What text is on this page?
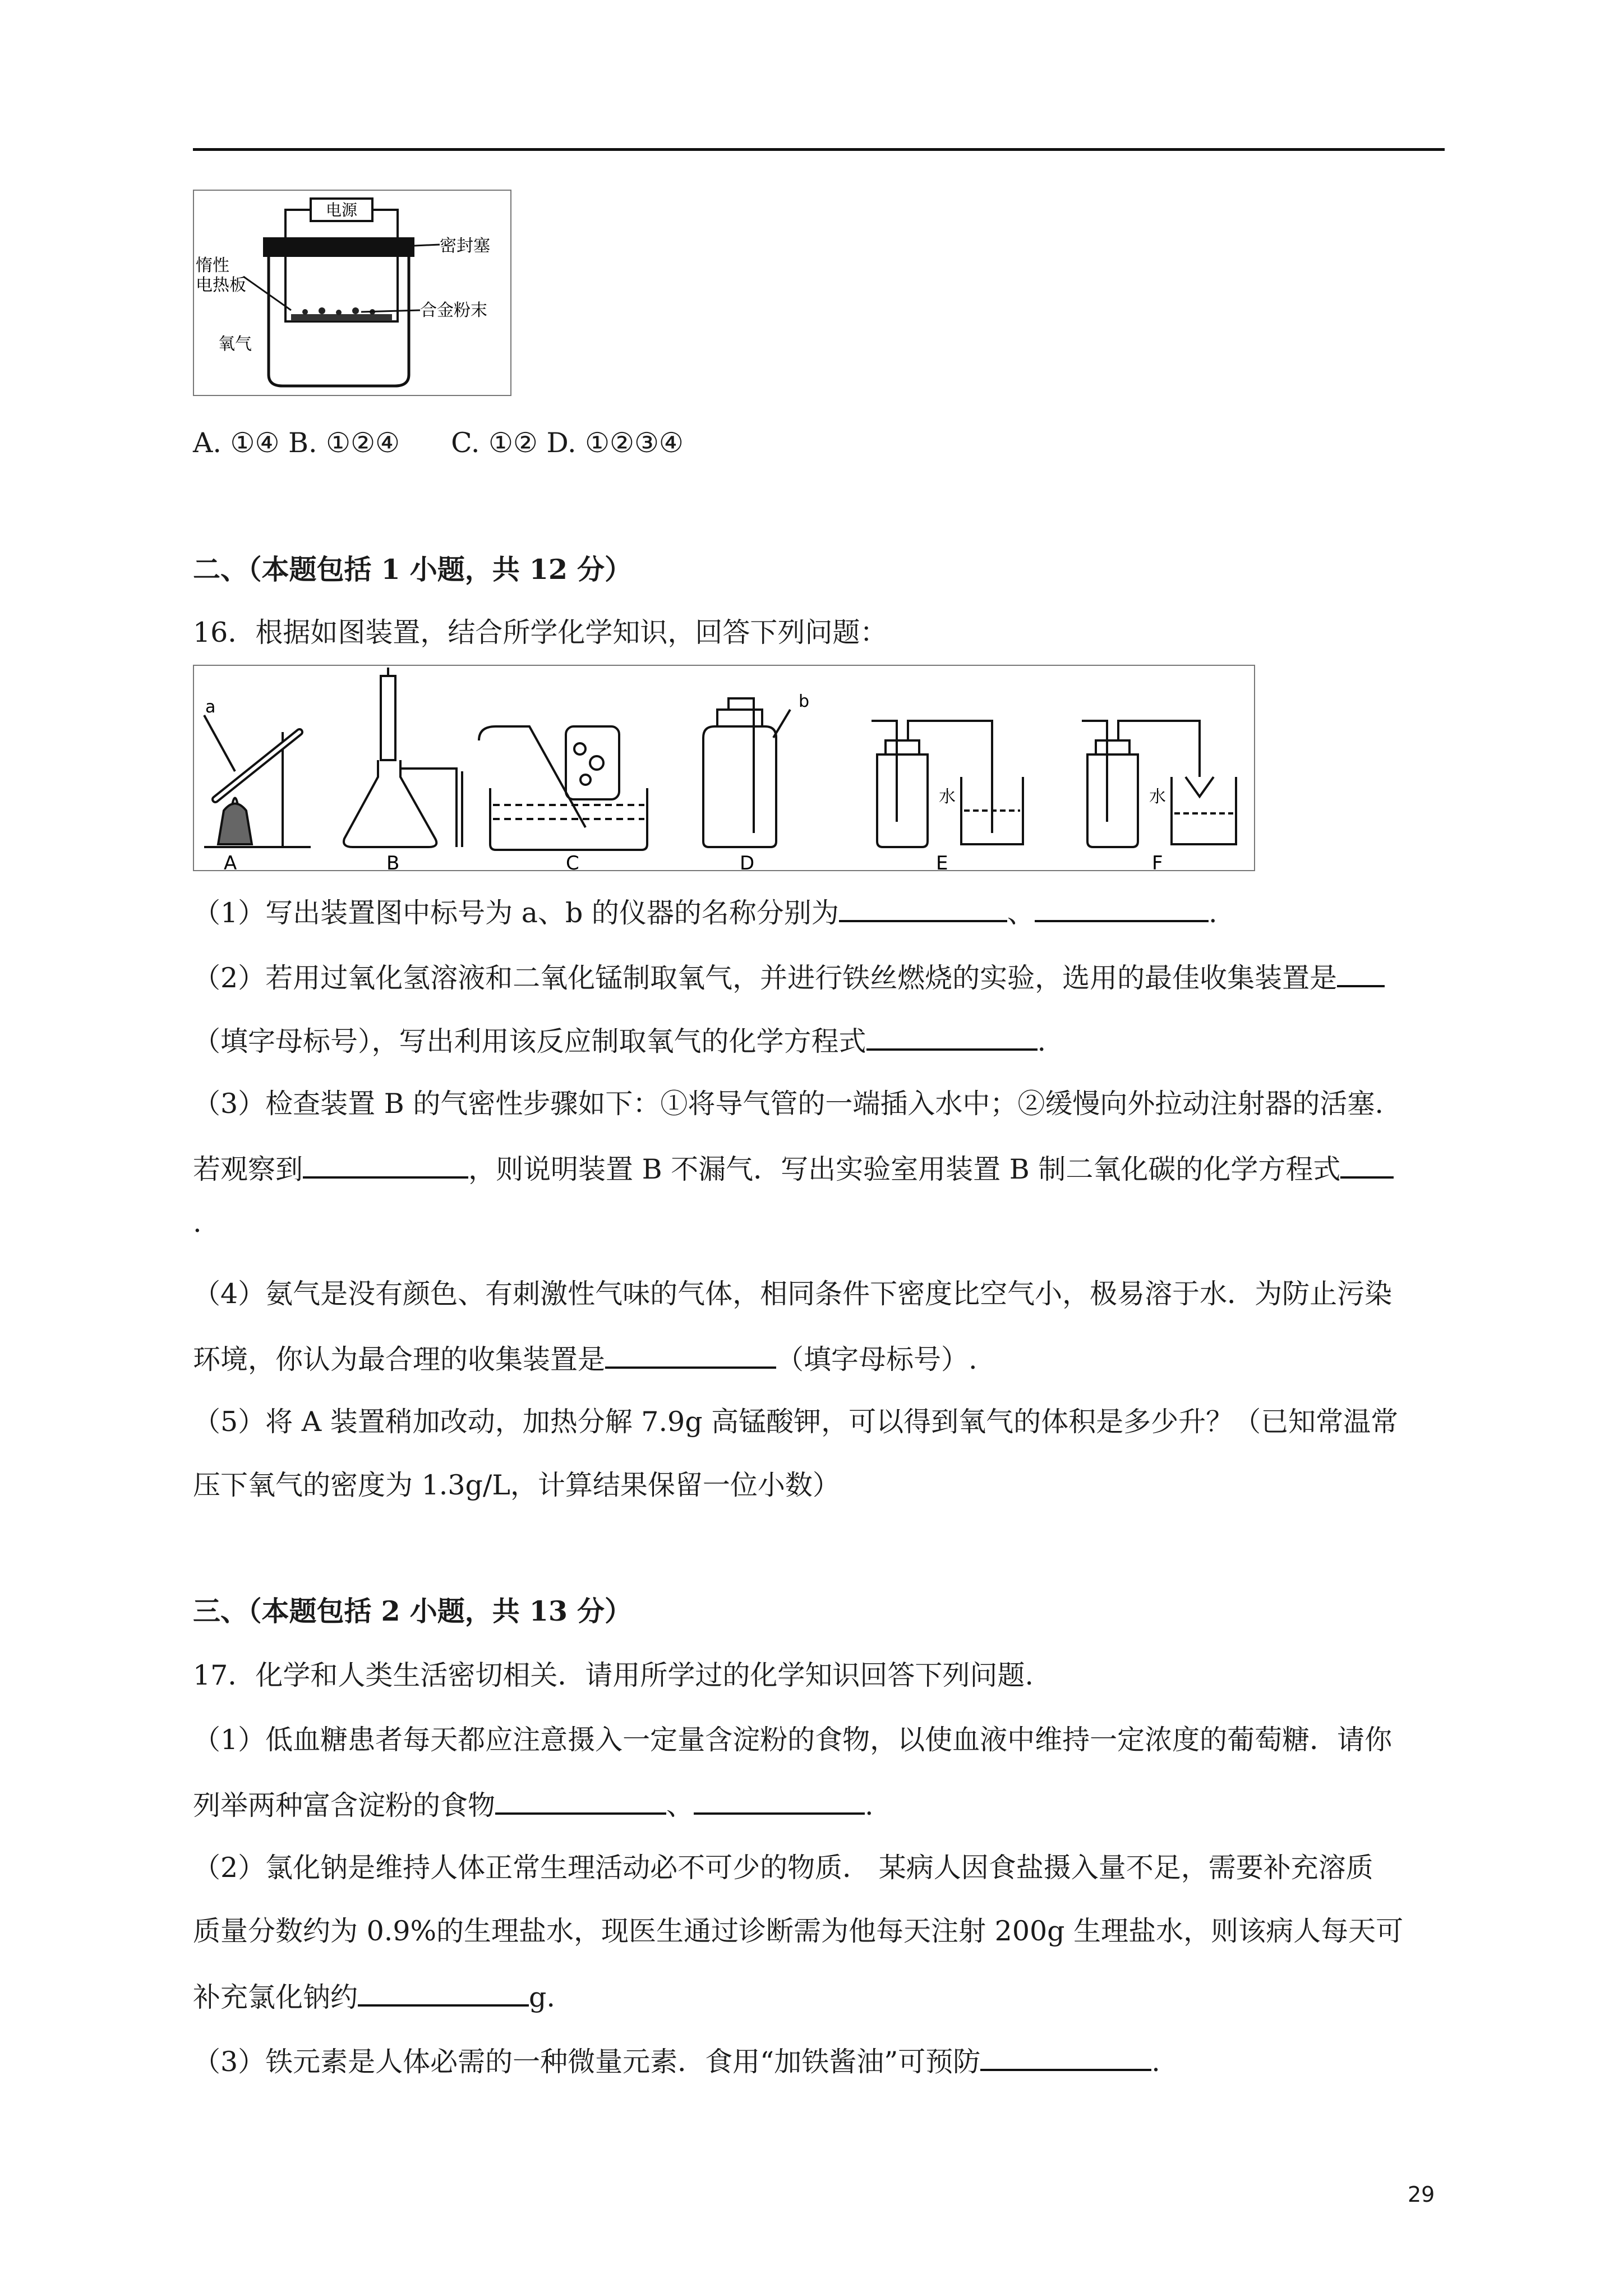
电源
密封塞
惰性
电热板
合金粉末
氧气
A. ①④ B. ①②④ C. ①② D. ①②③④
二、（本题包括 1 小题，共 12 分）
16．根据如图装置，结合所学化学知识，回答下列问题：
a	b
水	水
A	B	C	D	E	F
（1）写出装置图中标号为 a、b 的仪器的名称分别为	、	.
（2）若用过氧化氢溶液和二氧化锰制取氧气，并进行铁丝燃烧的实验，选用的最佳收集装置是
（填字母标号），写出利用该反应制取氧气的化学方程式	.
（3）检查装置 B 的气密性步骤如下：①将导气管的一端插入水中；②缓慢向外拉动注射器的活塞.
若观察到	，则说明装置 B 不漏气．写出实验室用装置 B 制二氧化碳的化学方程式
.
（4）氨气是没有颜色、有刺激性气味的气体，相同条件下密度比空气小，极易溶于水．为防止污染
环境，你认为最合理的收集装置是	（填字母标号）.
（5）将 A 装置稍加改动，加热分解 7.9g 高锰酸钾，可以得到氧气的体积是多少升？（已知常温常
压下氧气的密度为 1.3g/L，计算结果保留一位小数）
三、（本题包括 2 小题，共 13 分）
17．化学和人类生活密切相关．请用所学过的化学知识回答下列问题.
（1）低血糖患者每天都应注意摄入一定量含淀粉的食物，以使血液中维持一定浓度的葡萄糖．请你
列举两种富含淀粉的食物	、	.
（2）氯化钠是维持人体正常生理活动必不可少的物质． 某病人因食盐摄入量不足，需要补充溶质
质量分数约为 0.9%的生理盐水，现医生通过诊断需为他每天注射 200g 生理盐水，则该病人每天可
补充氯化钠约	g.
（3）铁元素是人体必需的一种微量元素．食用“加铁酱油”可预防	.
29
